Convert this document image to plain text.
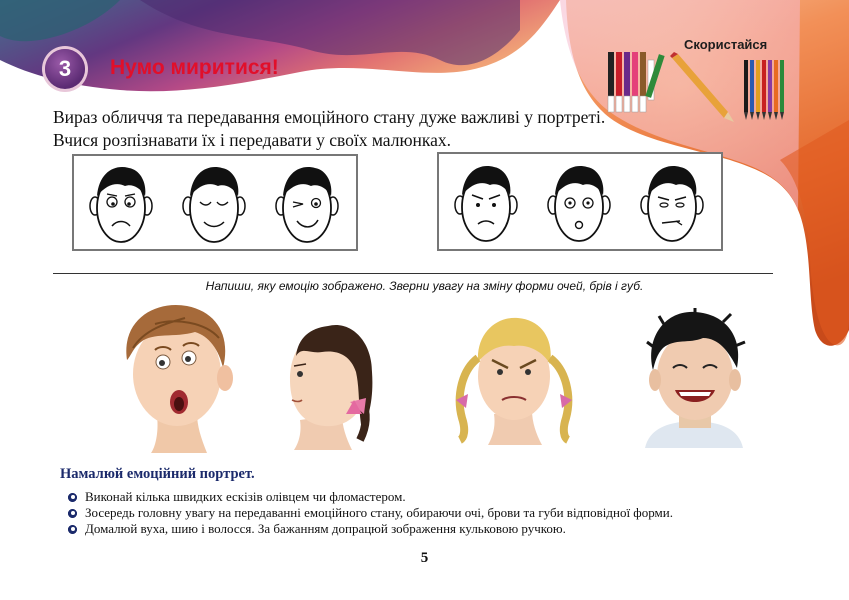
3	Нумо миритися!
Скористайся
Вираз обличчя та передавання емоційного стану дуже важливі у портреті.
Вчися розпізнавати їх і передавати у своїх малюнках.
Напиши, яку емоцію зображено. Зверни увагу на зміну форми очей, брів і губ.
Намалюй емоційний портрет.
Виконай кілька швидких ескізів олівцем чи фломастером.
Зосередь головну увагу на передаванні емоційного стану, обираючи очі, брови та губи відповідної форми.
Домалюй вуха, шию і волосся. За бажанням допрацюй зображення кульковою ручкою.
5
